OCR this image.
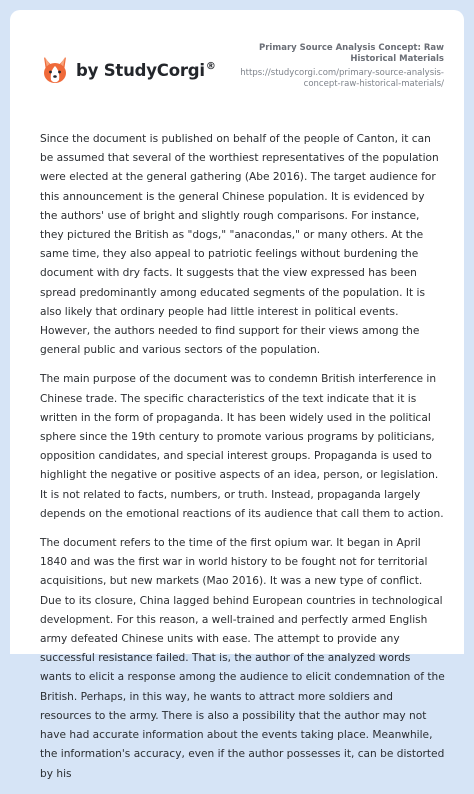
by StudyCorgi®
Primary Source Analysis Concept: Raw Historical Materials
https://studycorgi.com/primary-source-analysis-concept-raw-historical-materials/

Since the document is published on behalf of the people of Canton, it can be assumed that several of the worthiest representatives of the population were elected at the general gathering (Abe 2016). The target audience for this announcement is the general Chinese population. It is evidenced by the authors' use of bright and slightly rough comparisons. For instance, they pictured the British as "dogs," "anacondas," or many others. At the same time, they also appeal to patriotic feelings without burdening the document with dry facts. It suggests that the view expressed has been spread predominantly among educated segments of the population. It is also likely that ordinary people had little interest in political events. However, the authors needed to find support for their views among the general public and various sectors of the population.

The main purpose of the document was to condemn British interference in Chinese trade. The specific characteristics of the text indicate that it is written in the form of propaganda. It has been widely used in the political sphere since the 19th century to promote various programs by politicians, opposition candidates, and special interest groups. Propaganda is used to highlight the negative or positive aspects of an idea, person, or legislation. It is not related to facts, numbers, or truth. Instead, propaganda largely depends on the emotional reactions of its audience that call them to action.

The document refers to the time of the first opium war. It began in April 1840 and was the first war in world history to be fought not for territorial acquisitions, but new markets (Mao 2016). It was a new type of conflict. Due to its closure, China lagged behind European countries in technological development. For this reason, a well-trained and perfectly armed English army defeated Chinese units with ease. The attempt to provide any successful resistance failed. That is, the author of the analyzed words wants to elicit a response among the audience to elicit condemnation of the British. Perhaps, in this way, he wants to attract more soldiers and resources to the army. There is also a possibility that the author may not have had accurate information about the events taking place. Meanwhile, the information's accuracy, even if the author possesses it, can be distorted by his
